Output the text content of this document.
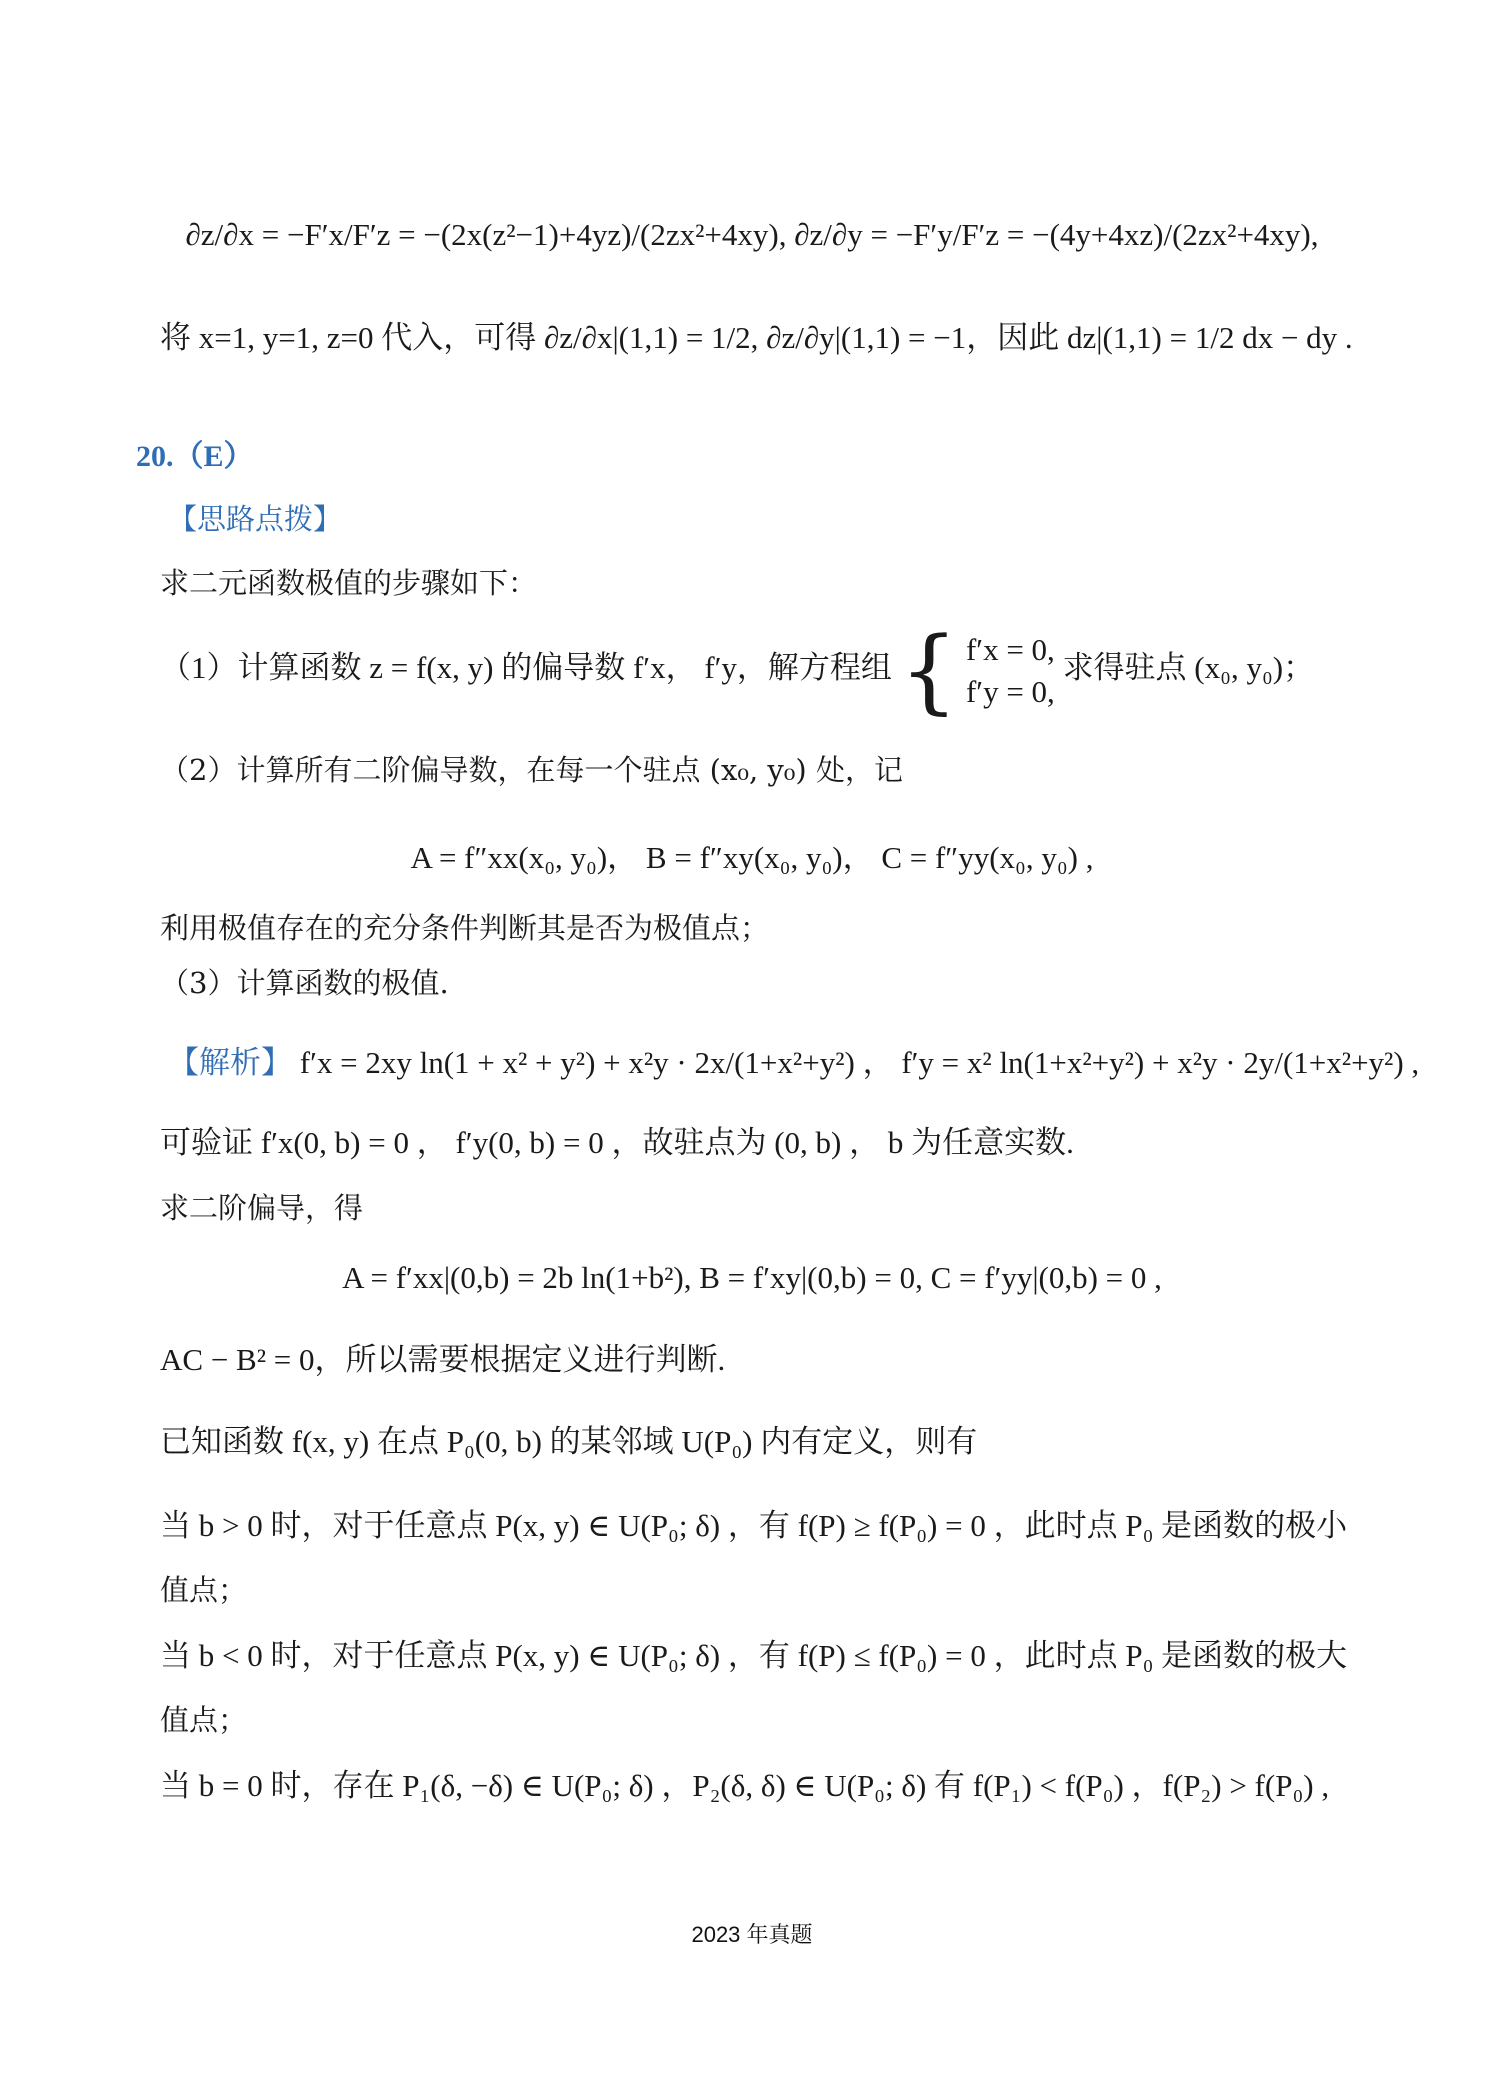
∂z/∂x = −F′x/F′z = −(2x(z²−1)+4yz)/(2zx²+4xy), ∂z/∂y = −F′y/F′z = −(4y+4xz)/(2zx²+4xy),
将 x=1, y=1, z=0 代入，可得 ∂z/∂x|(1,1) = 1/2, ∂z/∂y|(1,1) = −1，因此 dz|(1,1) = 1/2 dx − dy .
20.（E）
【思路点拨】
求二元函数极值的步骤如下：
（1）计算函数 z = f(x, y) 的偏导数 f′x， f′y，解方程组 { f′x = 0,
f′y = 0,
求得驻点 (x₀, y₀)；
（2）计算所有二阶偏导数，在每一个驻点 (x₀, y₀) 处，记
A = f″xx(x₀, y₀)， B = f″xy(x₀, y₀)， C = f″yy(x₀, y₀) ,
利用极值存在的充分条件判断其是否为极值点；
（3）计算函数的极值.
【解析】 f′x = 2xy ln(1 + x² + y²) + x²y · 2x/(1+x²+y²) ， f′y = x² ln(1+x²+y²) + x²y · 2y/(1+x²+y²) ,
可验证 f′x(0, b) = 0 ， f′y(0, b) = 0 ，故驻点为 (0, b) ， b 为任意实数.
求二阶偏导，得
A = f′xx|(0,b) = 2b ln(1+b²), B = f′xy|(0,b) = 0, C = f′yy|(0,b) = 0 ,
AC − B² = 0，所以需要根据定义进行判断.
已知函数 f(x, y) 在点 P₀(0, b) 的某邻域 U(P₀) 内有定义，则有
当 b > 0 时，对于任意点 P(x, y) ∈ U(P₀; δ) ，有 f(P) ≥ f(P₀) = 0 ，此时点 P₀ 是函数的极小
值点；
当 b < 0 时，对于任意点 P(x, y) ∈ U(P₀; δ) ，有 f(P) ≤ f(P₀) = 0 ，此时点 P₀ 是函数的极大
值点；
当 b = 0 时，存在 P₁(δ, −δ) ∈ U(P₀; δ) ，P₂(δ, δ) ∈ U(P₀; δ) 有 f(P₁) < f(P₀) ，f(P₂) > f(P₀) ,
2023 年真题
